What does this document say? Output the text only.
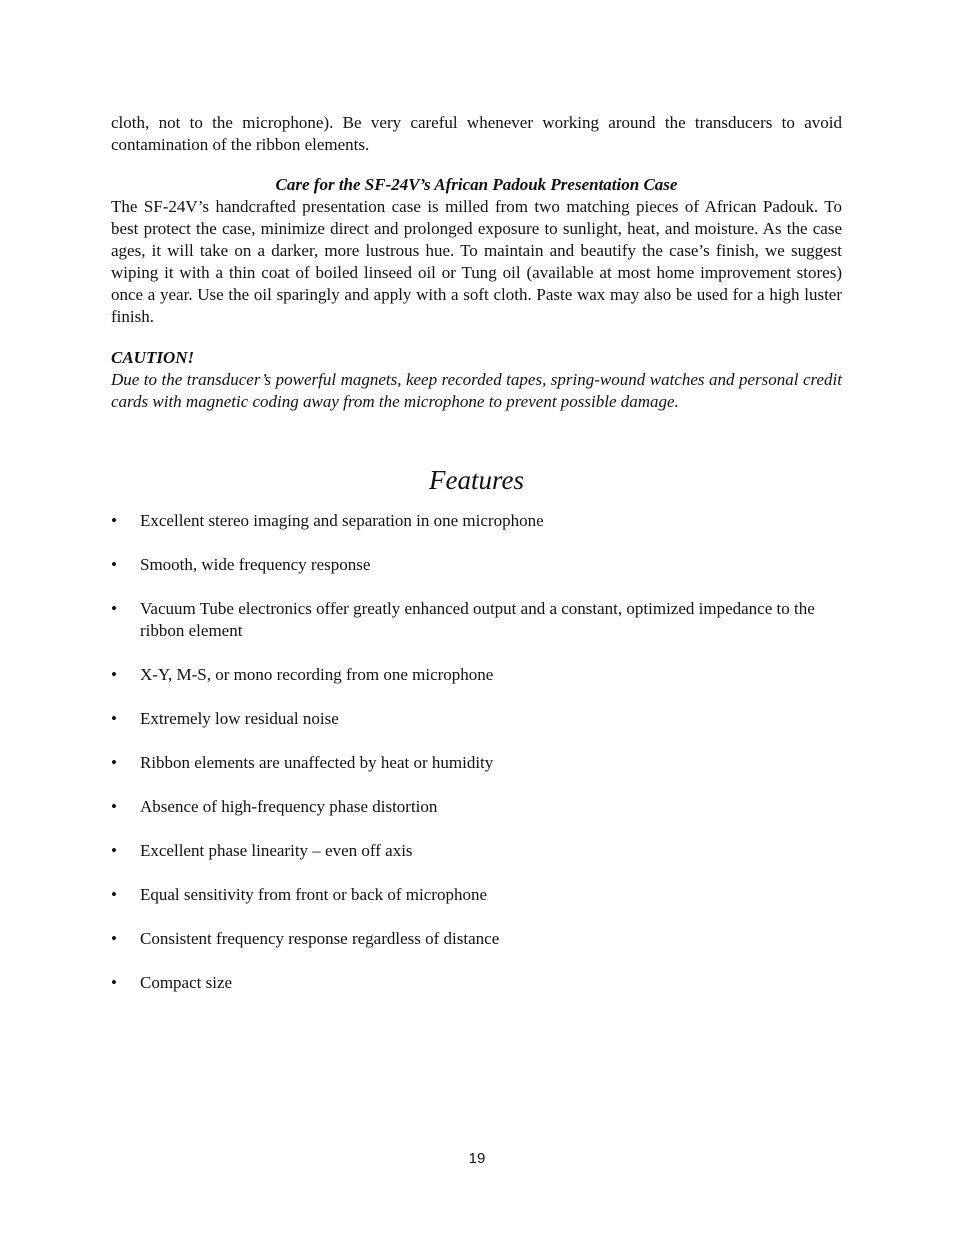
cloth, not to the microphone). Be very careful whenever working around the transducers to avoid contamination of the ribbon elements.

Care for the SF-24V’s African Padouk Presentation Case

The SF-24V’s handcrafted presentation case is milled from two matching pieces of African Padouk. To best protect the case, minimize direct and prolonged exposure to sunlight, heat, and moisture. As the case ages, it will take on a darker, more lustrous hue. To maintain and beautify the case’s finish, we suggest wiping it with a thin coat of boiled linseed oil or Tung oil (available at most home improvement stores) once a year. Use the oil sparingly and apply with a soft cloth. Paste wax may also be used for a high luster finish.

CAUTION!

Due to the transducer’s powerful magnets, keep recorded tapes, spring-wound watches and personal credit cards with magnetic coding away from the microphone to prevent possible damage.

Features
• Excellent stereo imaging and separation in one microphone
• Smooth, wide frequency response
• Vacuum Tube electronics offer greatly enhanced output and a constant, optimized impedance to the ribbon element
• X-Y, M-S, or mono recording from one microphone
• Extremely low residual noise
• Ribbon elements are unaffected by heat or humidity
• Absence of high-frequency phase distortion
• Excellent phase linearity – even off axis
• Equal sensitivity from front or back of microphone
• Consistent frequency response regardless of distance
• Compact size
19
